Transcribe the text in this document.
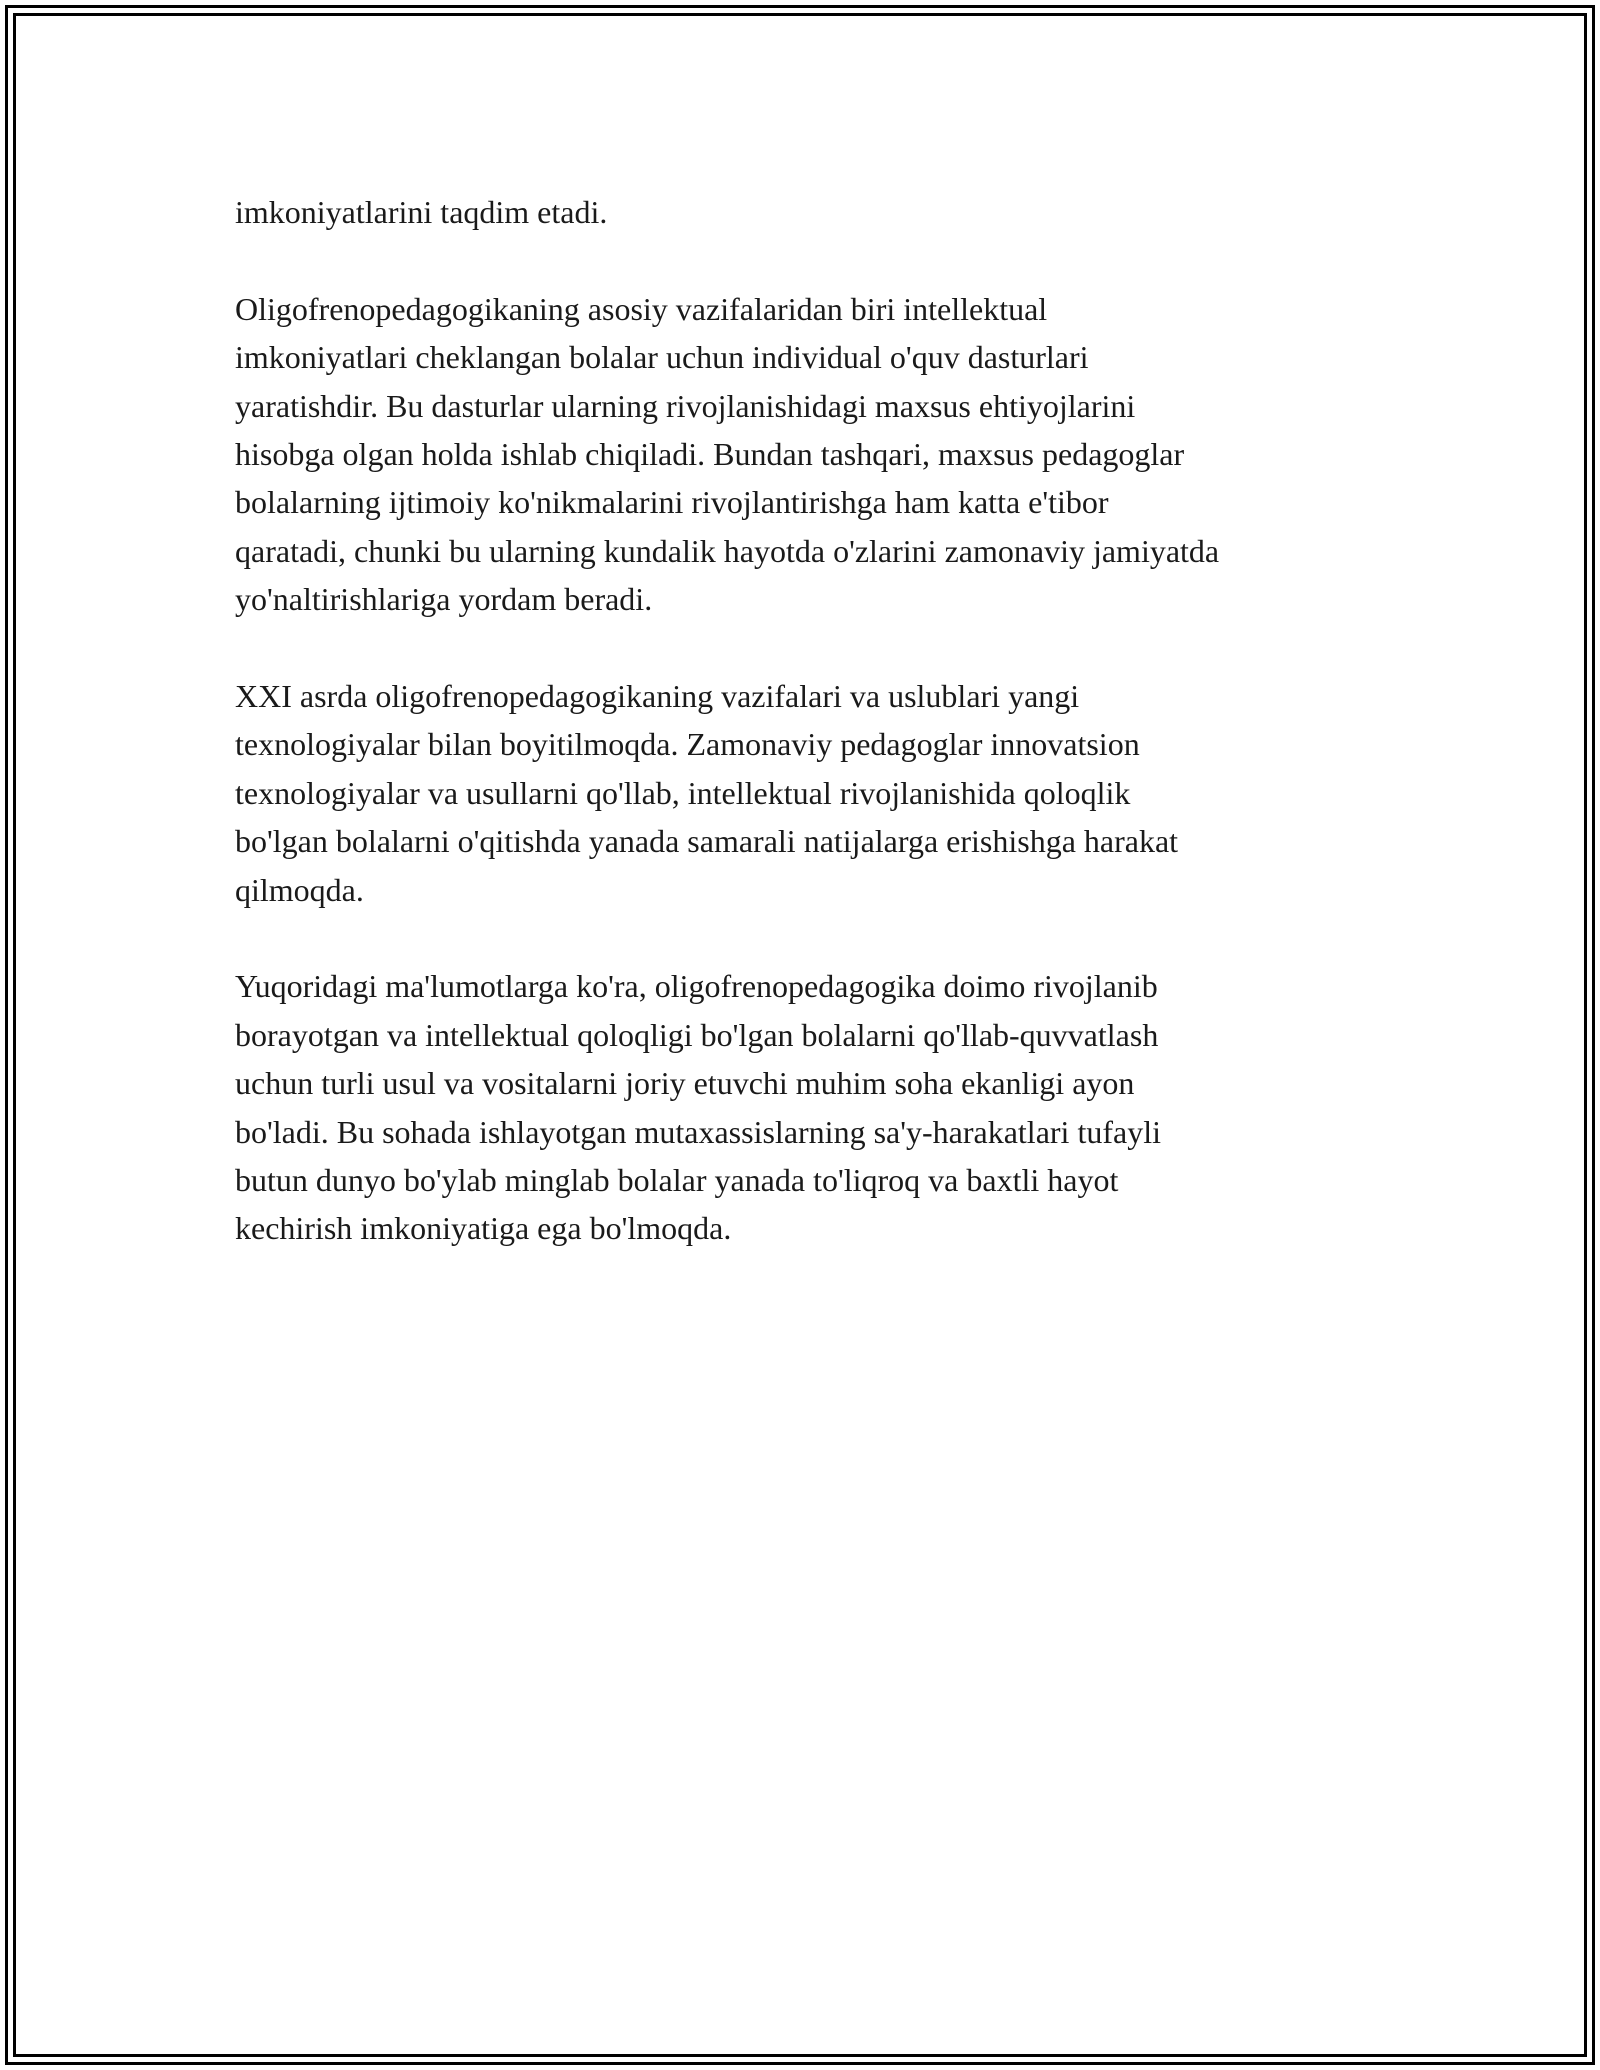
imkoniyatlarini taqdim etadi.

Oligofrenopedagogikaning asosiy vazifalaridan biri intellektual
imkoniyatlari cheklangan bolalar uchun individual o'quv dasturlari
yaratishdir. Bu dasturlar ularning rivojlanishidagi maxsus ehtiyojlarini
hisobga olgan holda ishlab chiqiladi. Bundan tashqari, maxsus pedagoglar
bolalarning ijtimoiy ko'nikmalarini rivojlantirishga ham katta e'tibor
qaratadi, chunki bu ularning kundalik hayotda o'zlarini zamonaviy jamiyatda
yo'naltirishlariga yordam beradi.

XXI asrda oligofrenopedagogikaning vazifalari va uslublari yangi
texnologiyalar bilan boyitilmoqda. Zamonaviy pedagoglar innovatsion
texnologiyalar va usullarni qo'llab, intellektual rivojlanishida qoloqlik
bo'lgan bolalarni o'qitishda yanada samarali natijalarga erishishga harakat
qilmoqda.

Yuqoridagi ma'lumotlarga ko'ra, oligofrenopedagogika doimo rivojlanib
borayotgan va intellektual qoloqligi bo'lgan bolalarni qo'llab-quvvatlash
uchun turli usul va vositalarni joriy etuvchi muhim soha ekanligi ayon
bo'ladi. Bu sohada ishlayotgan mutaxassislarning sa'y-harakatlari tufayli
butun dunyo bo'ylab minglab bolalar yanada to'liqroq va baxtli hayot
kechirish imkoniyatiga ega bo'lmoqda.
